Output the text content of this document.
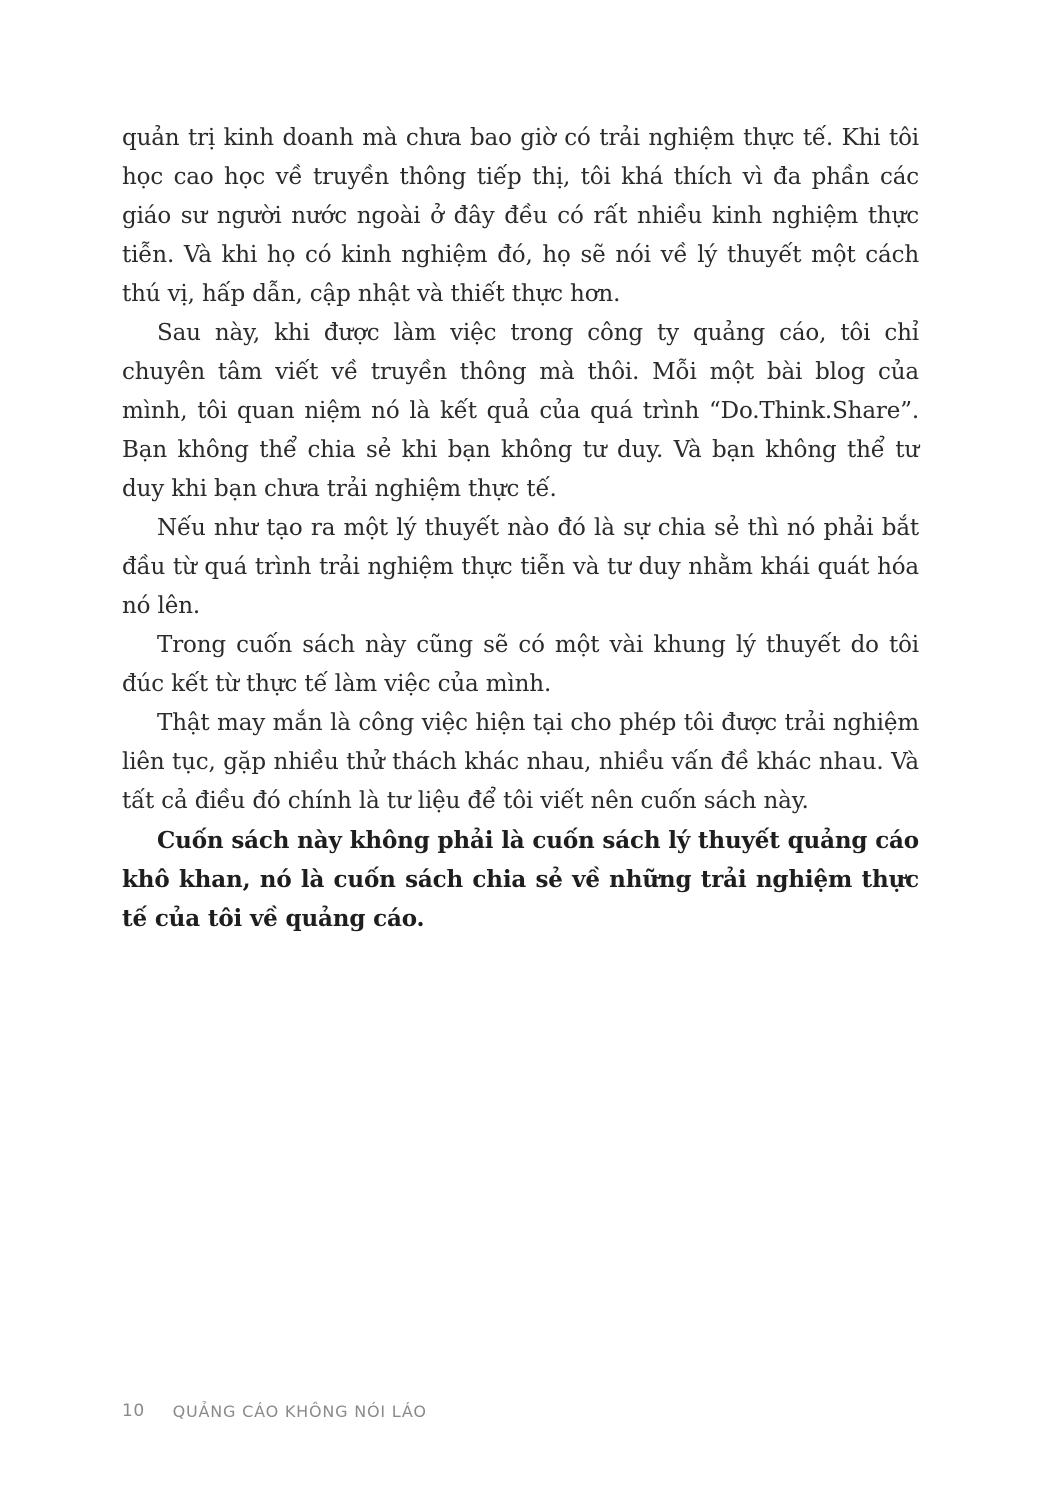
quản trị kinh doanh mà chưa bao giờ có trải nghiệm thực tế. Khi tôi học cao học về truyền thông tiếp thị, tôi khá thích vì đa phần các giáo sư người nước ngoài ở đây đều có rất nhiều kinh nghiệm thực tiễn. Và khi họ có kinh nghiệm đó, họ sẽ nói về lý thuyết một cách thú vị, hấp dẫn, cập nhật và thiết thực hơn.

Sau này, khi được làm việc trong công ty quảng cáo, tôi chỉ chuyên tâm viết về truyền thông mà thôi. Mỗi một bài blog của mình, tôi quan niệm nó là kết quả của quá trình “Do.Think.Share”. Bạn không thể chia sẻ khi bạn không tư duy. Và bạn không thể tư duy khi bạn chưa trải nghiệm thực tế.

Nếu như tạo ra một lý thuyết nào đó là sự chia sẻ thì nó phải bắt đầu từ quá trình trải nghiệm thực tiễn và tư duy nhằm khái quát hóa nó lên.

Trong cuốn sách này cũng sẽ có một vài khung lý thuyết do tôi đúc kết từ thực tế làm việc của mình.

Thật may mắn là công việc hiện tại cho phép tôi được trải nghiệm liên tục, gặp nhiều thử thách khác nhau, nhiều vấn đề khác nhau. Và tất cả điều đó chính là tư liệu để tôi viết nên cuốn sách này.

Cuốn sách này không phải là cuốn sách lý thuyết quảng cáo khô khan, nó là cuốn sách chia sẻ về những trải nghiệm thực tế của tôi về quảng cáo.

10 QUẢNG CÁO KHÔNG NÓI LÁO
